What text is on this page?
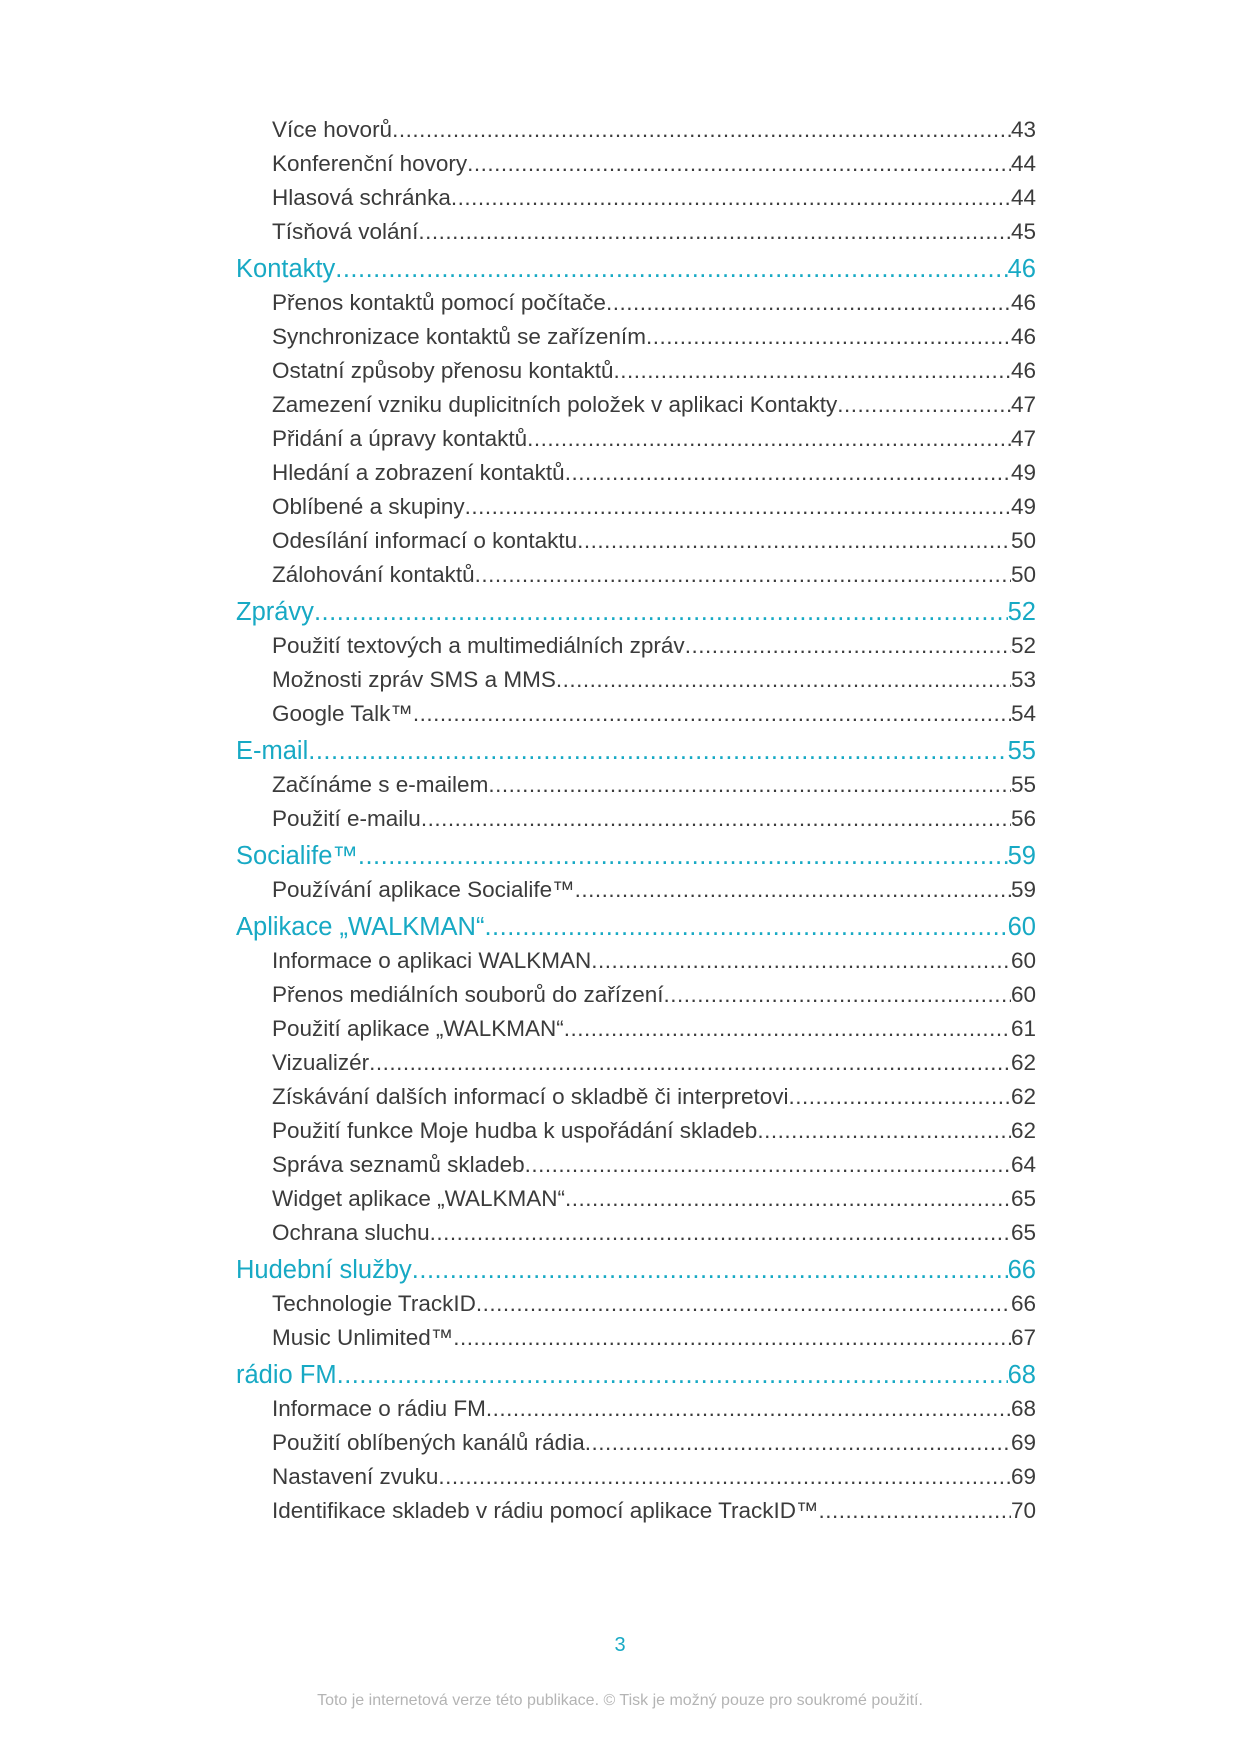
Více hovorů .....	43
Konferenční hovory .....	44
Hlasová schránka .....	44
Tísňová volání .....	45
Kontakty .....	46
Přenos kontaktů pomocí počítače .....	46
Synchronizace kontaktů se zařízením .....	46
Ostatní způsoby přenosu kontaktů .....	46
Zamezení vzniku duplicitních položek v aplikaci Kontakty .....	47
Přidání a úpravy kontaktů .....	47
Hledání a zobrazení kontaktů .....	49
Oblíbené a skupiny .....	49
Odesílání informací o kontaktu .....	50
Zálohování kontaktů .....	50
Zprávy .....	52
Použití textových a multimediálních zpráv .....	52
Možnosti zpráv SMS a MMS .....	53
Google Talk™ .....	54
E-mail .....	55
Začínáme s e-mailem .....	55
Použití e-mailu .....	56
Socialife™ .....	59
Používání aplikace Socialife™ .....	59
Aplikace „WALKMAN“ .....	60
Informace o aplikaci WALKMAN .....	60
Přenos mediálních souborů do zařízení .....	60
Použití aplikace „WALKMAN“ .....	61
Vizualizér .....	62
Získávání dalších informací o skladbě či interpretovi .....	62
Použití funkce Moje hudba k uspořádání skladeb .....	62
Správa seznamů skladeb .....	64
Widget aplikace „WALKMAN“ .....	65
Ochrana sluchu .....	65
Hudební služby .....	66
Technologie TrackID .....	66
Music Unlimited™ .....	67
rádio FM .....	68
Informace o rádiu FM .....	68
Použití oblíbených kanálů rádia .....	69
Nastavení zvuku .....	69
Identifikace skladeb v rádiu pomocí aplikace TrackID™ .....	70
3
Toto je internetová verze této publikace. © Tisk je možný pouze pro soukromé použití.
